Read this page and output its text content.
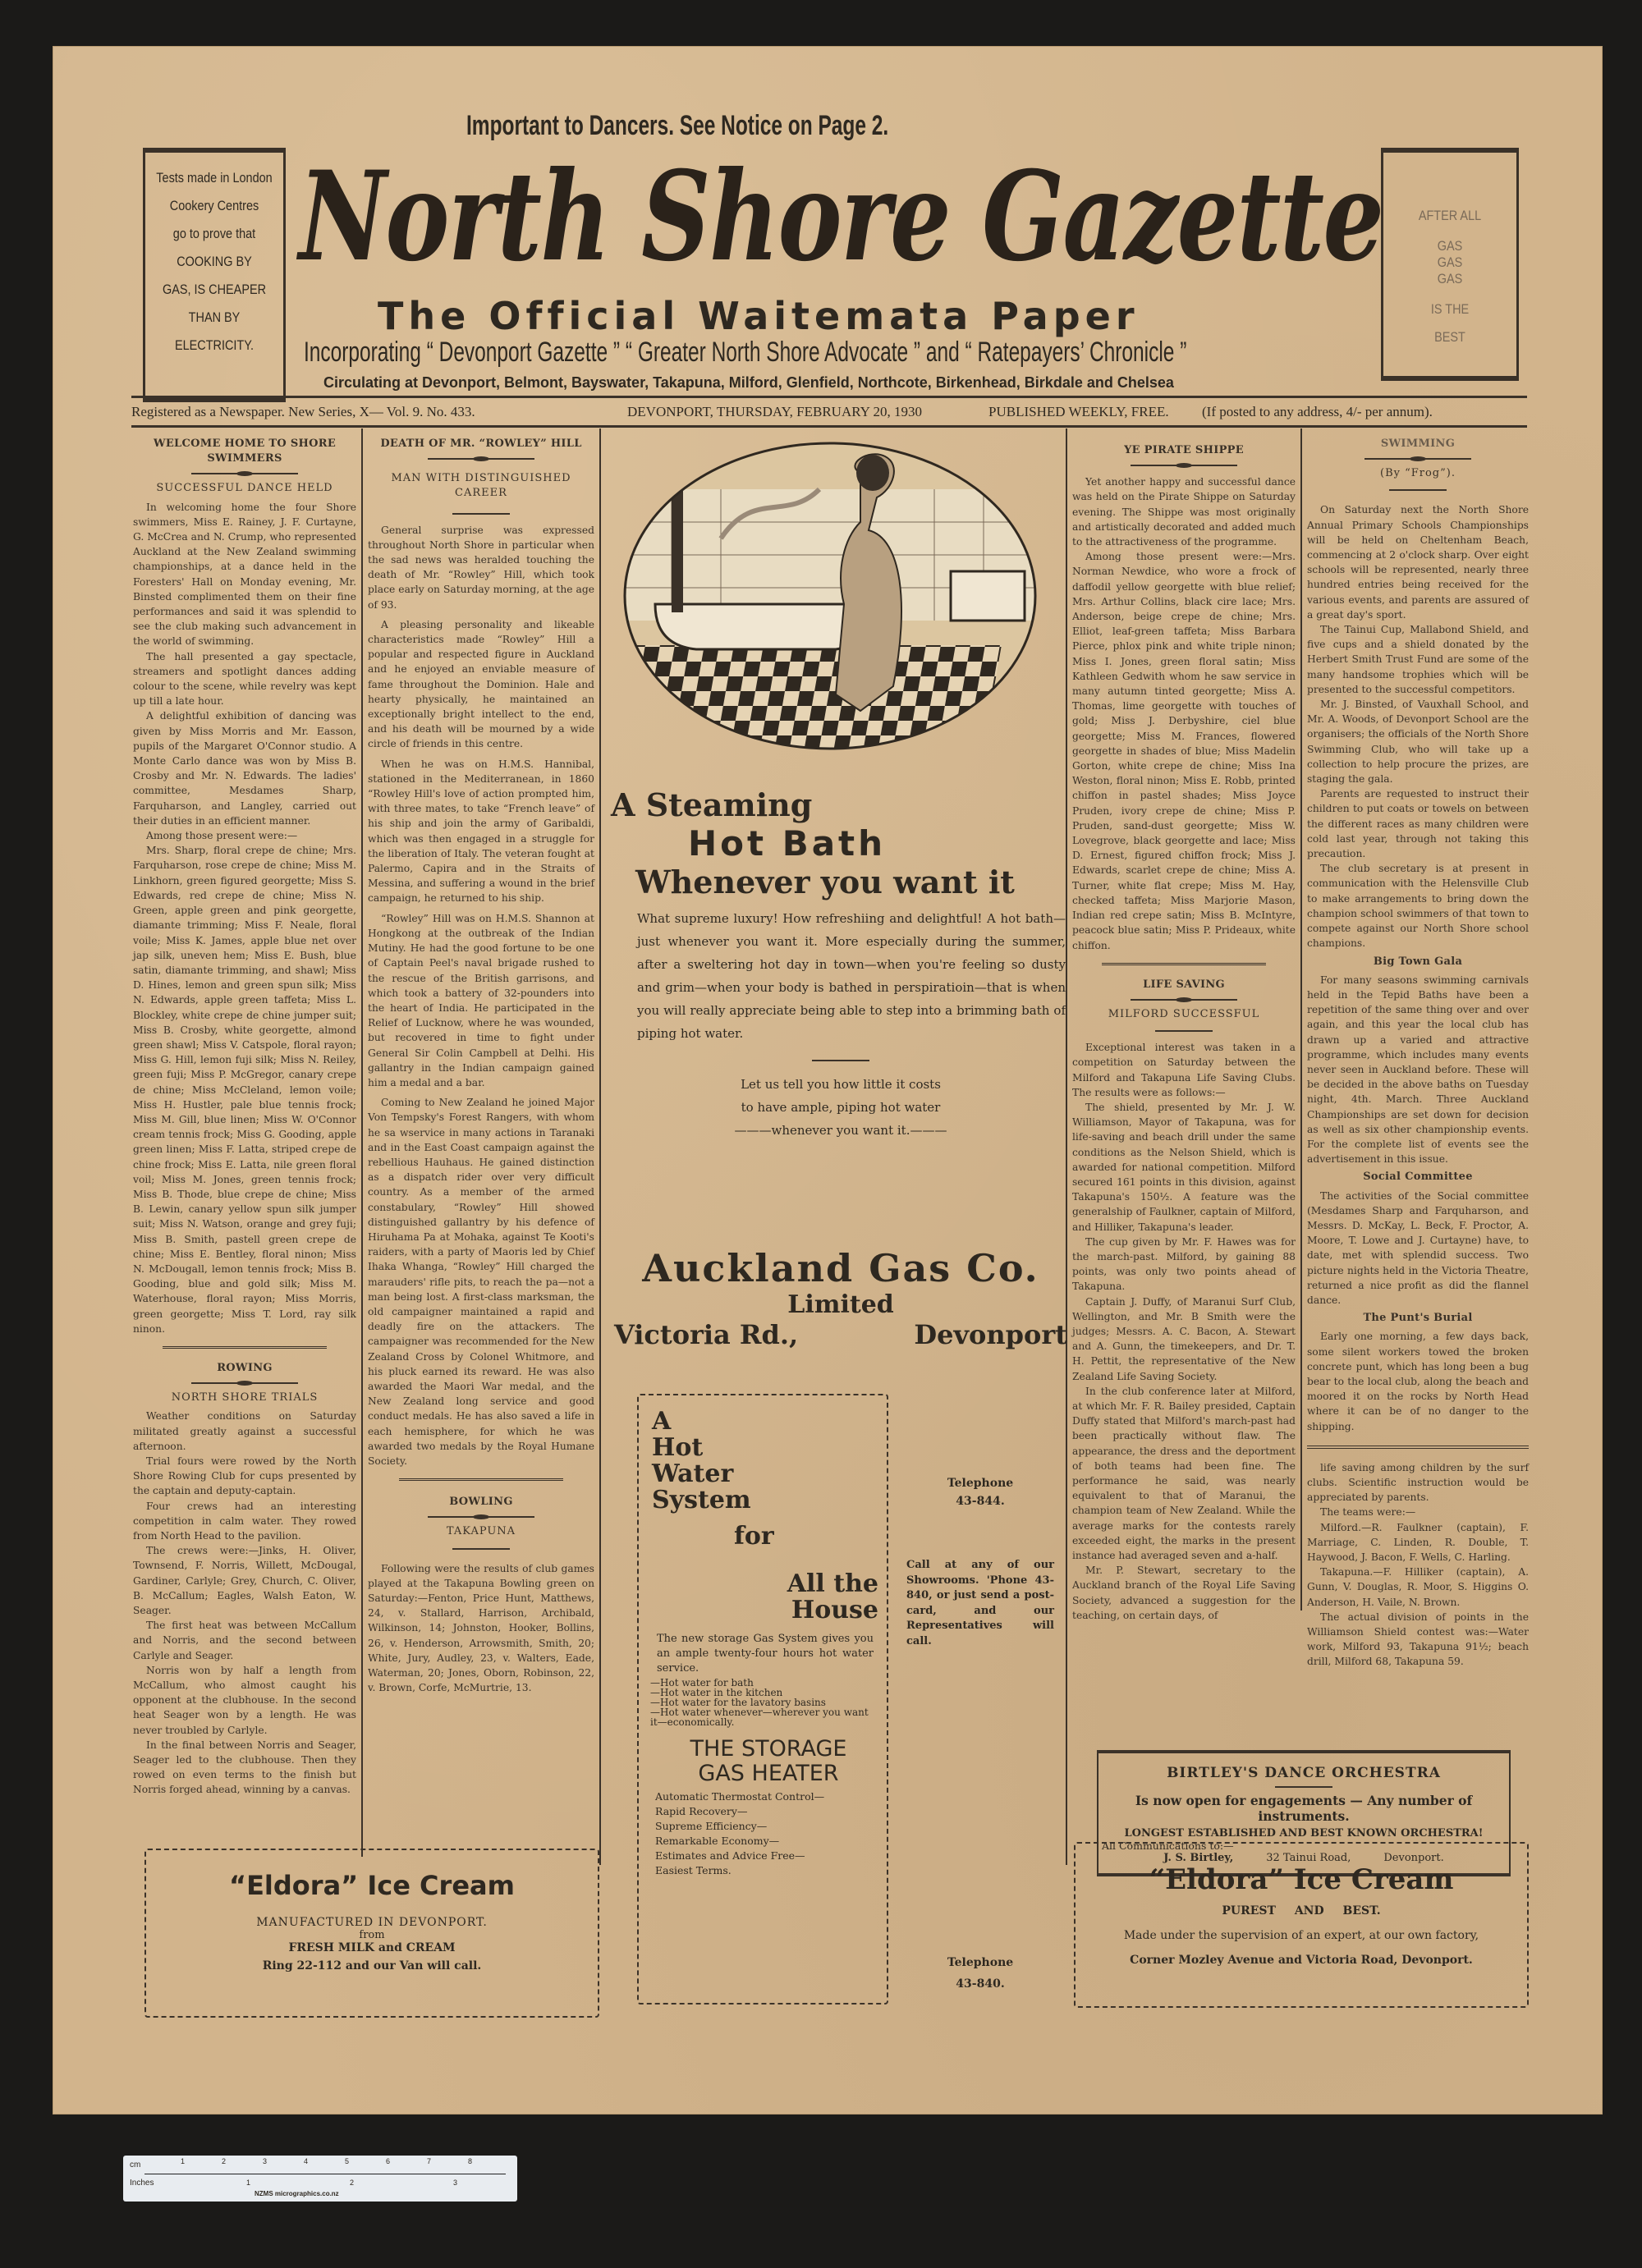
Important to Dancers. See Notice on Page 2.
Tests made in London
Cookery Centres
go to prove that
COOKING BY
GAS, IS CHEAPER
THAN BY
ELECTRICITY.
AFTER ALL
GAS
GAS
GAS
IS THE
BEST
North Shore Gazette
The Official Waitemata Paper
Incorporating “ Devonport Gazette ” “ Greater North Shore Advocate ” and “ Ratepayers’ Chronicle ”
Circulating at Devonport, Belmont, Bayswater, Takapuna, Milford, Glenfield, Northcote, Birkenhead, Birkdale and Chelsea
Registered as a Newspaper. New Series, X— Vol. 9. No. 433.	DEVONPORT, THURSDAY, FEBRUARY 20, 1930	PUBLISHED WEEKLY, FREE. (If posted to any address, 4/- per annum).
WELCOME HOME TO SHORE SWIMMERS
SUCCESSFUL DANCE HELD

In welcoming home the four Shore swimmers, Miss E. Rainey, J. F. Curtayne, G. McCrea and N. Crump, who represented Auckland at the New Zealand swimming championships, at a dance held in the Foresters' Hall on Monday evening, Mr. Binsted complimented them on their fine performances and said it was splendid to see the club making such advancement in the world of swimming.

The hall presented a gay spectacle, streamers and spotlight dances adding colour to the scene, while revelry was kept up till a late hour.

A delightful exhibition of dancing was given by Miss Morris and Mr. Easson, pupils of the Margaret O'Connor studio. A Monte Carlo dance was won by Miss B. Crosby and Mr. N. Edwards. The ladies' committee, Mesdames Sharp, Farquharson, and Langley, carried out their duties in an efficient manner.

Among those present were:—

Mrs. Sharp, floral crepe de chine; Mrs. Farquharson, rose crepe de chine; Miss M. Linkhorn, green figured georgette; Miss S. Edwards, red crepe de chine; Miss N. Green, apple green and pink georgette, diamante trimming; Miss F. Neale, floral voile; Miss K. James, apple blue net over jap silk, uneven hem; Miss E. Bush, blue satin, diamante trimming, and shawl; Miss D. Hines, lemon and green spun silk; Miss N. Edwards, apple green taffeta; Miss L. Blockley, white crepe de chine jumper suit; Miss B. Crosby, white georgette, almond green shawl; Miss V. Catspole, floral rayon; Miss G. Hill, lemon fuji silk; Miss N. Reiley, green fuji; Miss P. McGregor, canary crepe de chine; Miss McCleland, lemon voile; Miss H. Hustler, pale blue tennis frock; Miss M. Gill, blue linen; Miss W. O'Connor cream tennis frock; Miss G. Gooding, apple green linen; Miss F. Latta, striped crepe de chine frock; Miss E. Latta, nile green floral voil; Miss M. Jones, green tennis frock; Miss B. Thode, blue crepe de chine; Miss B. Lewin, canary yellow spun silk jumper suit; Miss N. Watson, orange and grey fuji; Miss B. Smith, pastell green crepe de chine; Miss E. Bentley, floral ninon; Miss N. McDougall, lemon tennis frock; Miss B. Gooding, blue and gold silk; Miss M. Waterhouse, floral rayon; Miss Morris, green georgette; Miss T. Lord, ray silk ninon.

ROWING
NORTH SHORE TRIALS

Weather conditions on Saturday militated greatly against a successful afternoon.

Trial fours were rowed by the North Shore Rowing Club for cups presented by the captain and deputy-captain.

Four crews had an interesting competition in calm water. They rowed from North Head to the pavilion.

The crews were:—Jinks, H. Oliver, Townsend, F. Norris, Willett, McDougal, Gardiner, Carlyle; Grey, Church, C. Oliver, B. McCallum; Eagles, Walsh Eaton, W. Seager.

The first heat was between McCallum and Norris, and the second between Carlyle and Seager.

Norris won by half a length from McCallum, who almost caught his opponent at the clubhouse. In the second heat Seager won by a length. He was never troubled by Carlyle.

In the final between Norris and Seager, Seager led to the clubhouse. Then they rowed on even terms to the finish but Norris forged ahead, winning by a canvas.

DEATH OF MR. “ROWLEY” HILL
MAN WITH DISTINGUISHED CAREER

General surprise was expressed throughout North Shore in particular when the sad news was heralded touching the death of Mr. “Rowley” Hill, which took place early on Saturday morning, at the age of 93.

A pleasing personality and likeable characteristics made “Rowley” Hill a popular and respected figure in Auckland and he enjoyed an enviable measure of fame throughout the Dominion. Hale and hearty physically, he maintained an exceptionally bright intellect to the end, and his death will be mourned by a wide circle of friends in this centre.

When he was on H.M.S. Hannibal, stationed in the Mediterranean, in 1860 “Rowley Hill's love of action prompted him, with three mates, to take “French leave” of his ship and join the army of Garibaldi, which was then engaged in a struggle for the liberation of Italy. The veteran fought at Palermo, Capira and in the Straits of Messina, and suffering a wound in the brief campaign, he returned to his ship.

“Rowley” Hill was on H.M.S. Shannon at Hongkong at the outbreak of the Indian Mutiny. He had the good fortune to be one of Captain Peel's naval brigade rushed to the rescue of the British garrisons, and which took a battery of 32-pounders into the heart of India. He participated in the Relief of Lucknow, where he was wounded, but recovered in time to fight under General Sir Colin Campbell at Delhi. His gallantry in the Indian campaign gained him a medal and a bar.

Coming to New Zealand he joined Major Von Tempsky's Forest Rangers, with whom he sa wservice in many actions in Taranaki and in the East Coast campaign against the rebellious Hauhaus. He gained distinction as a dispatch rider over very difficult country. As a member of the armed constabulary, “Rowley” Hill showed distinguished gallantry by his defence of Hiruhama Pa at Mohaka, against Te Kooti's raiders, with a party of Maoris led by Chief Ihaka Whanga, “Rowley” Hill charged the marauders' rifle pits, to reach the pa—not a man being lost. A first-class marksman, the old campaigner maintained a rapid and deadly fire on the attackers. The campaigner was recommended for the New Zealand Cross by Colonel Whitmore, and his pluck earned its reward. He was also awarded the Maori War medal, and the New Zealand long service and good conduct medals. He has also saved a life in each hemisphere, for which he was awarded two medals by the Royal Humane Society.

BOWLING
TAKAPUNA

Following were the results of club games played at the Takapuna Bowling green on Saturday:—Fenton, Price Hunt, Matthews, 24, v. Stallard, Harrison, Archibald, Wilkinson, 14; Johnston, Hooker, Bollins, 26, v. Henderson, Arrowsmith, Smith, 20; White, Jury, Audley, 23, v. Walters, Eade, Waterman, 20; Jones, Oborn, Robinson, 22, v. Brown, Corfe, McMurtrie, 13.

A Steaming
Hot Bath
Whenever you want it
What supreme luxury! How refreshiing and delightful! A hot bath—just whenever you want it. More especially during the summer, after a sweltering hot day in town—when you're feeling so dusty and grim—when your body is bathed in perspiratioin—that is when you will really appreciate being able to step into a brimming bath of piping hot water.
Let us tell you how little it costs
to have ample, piping hot water
———whenever you want it.———
Auckland Gas Co.
Limited
Victoria Rd.,	Devonport
A
Hot
Water
System
for
All the
House
The new storage Gas System gives you an ample twenty-four hours hot water service.
—Hot water for bath
—Hot water in the kitchen
—Hot water for the lavatory basins
—Hot water whenever—wherever you want it—economically.
THE STORAGE
GAS HEATER
Automatic Thermostat Control—
Rapid Recovery—
Supreme Efficiency—
Remarkable Economy—
Estimates and Advice Free—
Easiest Terms.
Telephone
43-844.
Call at any of our Showrooms. 'Phone 43-840, or just send a post-card, and our Representatives will call.
Telephone
43-840.
YE PIRATE SHIPPE

Yet another happy and successful dance was held on the Pirate Shippe on Saturday evening. The Shippe was most originally and artistically decorated and added much to the attractiveness of the programme.

Among those present were:—Mrs. Norman Newdice, who wore a frock of daffodil yellow georgette with blue relief; Mrs. Arthur Collins, black cire lace; Mrs. Anderson, beige crepe de chine; Mrs. Elliot, leaf-green taffeta; Miss Barbara Pierce, phlox pink and white triple ninon; Miss I. Jones, green floral satin; Miss Kathleen Gedwith whom he saw service in many autumn tinted georgette; Miss A. Thomas, lime georgette with touches of gold; Miss J. Derbyshire, ciel blue georgette; Miss M. Frances, flowered georgette in shades of blue; Miss Madelin Gorton, white crepe de chine; Miss Ina Weston, floral ninon; Miss E. Robb, printed chiffon in pastel shades; Miss Joyce Pruden, ivory crepe de chine; Miss P. Pruden, sand-dust georgette; Miss W. Lovegrove, black georgette and lace; Miss D. Ernest, figured chiffon frock; Miss J. Edwards, scarlet crepe de chine; Miss A. Turner, white flat crepe; Miss M. Hay, checked taffeta; Miss Marjorie Mason, Indian red crepe satin; Miss B. McIntyre, peacock blue satin; Miss P. Prideaux, white chiffon.

LIFE SAVING
MILFORD SUCCESSFUL

Exceptional interest was taken in a competition on Saturday between the Milford and Takapuna Life Saving Clubs. The results were as follows:—

The shield, presented by Mr. J. W. Williamson, Mayor of Takapuna, was for life-saving and beach drill under the same conditions as the Nelson Shield, which is awarded for national competition. Milford secured 161 points in this division, against Takapuna's 150½. A feature was the generalship of Faulkner, captain of Milford, and Hilliker, Takapuna's leader.

The cup given by Mr. F. Hawes was for the march-past. Milford, by gaining 88 points, was only two points ahead of Takapuna.

Captain J. Duffy, of Maranui Surf Club, Wellington, and Mr. B Smith were the judges; Messrs. A. C. Bacon, A. Stewart and A. Gunn, the timekeepers, and Dr. T. H. Pettit, the representative of the New Zealand Life Saving Society.

In the club conference later at Milford, at which Mr. F. R. Bailey presided, Captain Duffy stated that Milford's march-past had been practically without flaw. The appearance, the dress and the deportment of both teams had been fine. The performance he said, was nearly equivalent to that of Maranui, the champion team of New Zealand. While the average marks for the contests rarely exceeded eight, the marks in the present instance had averaged seven and a-half.

Mr. P. Stewart, secretary to the Auckland branch of the Royal Life Saving Society, advanced a suggestion for the teaching, on certain days, of

SWIMMING
(By “Frog”).

On Saturday next the North Shore Annual Primary Schools Championships will be held on Cheltenham Beach, commencing at 2 o'clock sharp. Over eight schools will be represented, nearly three hundred entries being received for the various events, and parents are assured of a great day's sport.

The Tainui Cup, Mallabond Shield, and five cups and a shield donated by the Herbert Smith Trust Fund are some of the many handsome trophies which will be presented to the successful competitors.

Mr. J. Binsted, of Vauxhall School, and Mr. A. Woods, of Devonport School are the organisers; the officials of the North Shore Swimming Club, who will take up a collection to help procure the prizes, are staging the gala.

Parents are requested to instruct their children to put coats or towels on between the different races as many children were cold last year, through not taking this precaution.

The club secretary is at present in communication with the Helensville Club to make arrangements to bring down the champion school swimmers of that town to compete against our North Shore school champions.

Big Town Gala

For many seasons swimming carnivals held in the Tepid Baths have been a repetition of the same thing over and over again, and this year the local club has drawn up a varied and attractive programme, which includes many events never seen in Auckland before. These will be decided in the above baths on Tuesday night, 4th. March. Three Auckland Championships are set down for decision as well as six other championship events. For the complete list of events see the advertisement in this issue.

Social Committee

The activities of the Social committee (Mesdames Sharp and Farquharson, and Messrs. D. McKay, L. Beck, F. Proctor, A. Moore, T. Lowe and J. Curtayne) have, to date, met with splendid success. Two picture nights held in the Victoria Theatre, returned a nice profit as did the flannel dance.

The Punt's Burial

Early one morning, a few days back, some silent workers towed the broken concrete punt, which has long been a bug bear to the local club, along the beach and moored it on the rocks by North Head where it can be of no danger to the shipping.

life saving among children by the surf clubs. Scientific instruction would be appreciated by parents.

The teams were:—

Milford.—R. Faulkner (captain), F. Marriage, C. Linden, R. Double, T. Haywood, J. Bacon, F. Wells, C. Harling.

Takapuna.—F. Hilliker (captain), A. Gunn, V. Douglas, R. Moor, S. Higgins O. Anderson, H. Vaile, N. Brown.

The actual division of points in the Williamson Shield contest was:—Water work, Milford 93, Takapuna 91½; beach drill, Milford 68, Takapuna 59.

BIRTLEY'S DANCE ORCHESTRA
Is now open for engagements — Any number of instruments.
LONGEST ESTABLISHED AND BEST KNOWN ORCHESTRA!
All Communications to:—
J. S. Birtley,	32 Tainui Road,	Devonport.
“Eldora” Ice Cream
MANUFACTURED IN DEVONPORT.
from
FRESH MILK and CREAM
Ring 22-112 and our Van will call.
“Eldora” Ice Cream
PUREST AND BEST.
Made under the supervision of an expert, at our own factory,
Corner Mozley Avenue and Victoria Road, Devonport.
cm
Inches
1	2	3	4	5	6	7	8
1	2	3
NZMS micrographics.co.nz
